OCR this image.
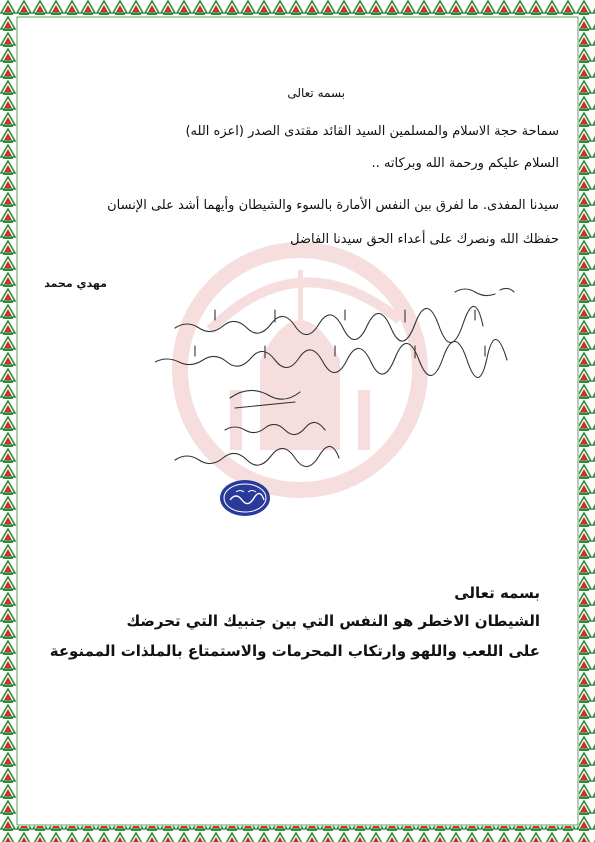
بسمه تعالى
سماحة حجة الاسلام والمسلمين السيد القائد مقتدى الصدر (اعزه الله)
السلام عليكم ورحمة الله وبركاته ..
سيدنا المفدى. ما لفرق بين النفس الأمارة بالسوء والشيطان وأيهما أشد على الإنسان
حفظك الله ونصرك على أعداء الحق سيدنا الفاضل
مهدي محمد
بسمه تعالى
الشيطان الاخطر هو النفس التي بين جنبيك التي تحرضك
على اللعب واللهو وارتكاب المحرمات والاستمتاع بالملذات الممنوعة
